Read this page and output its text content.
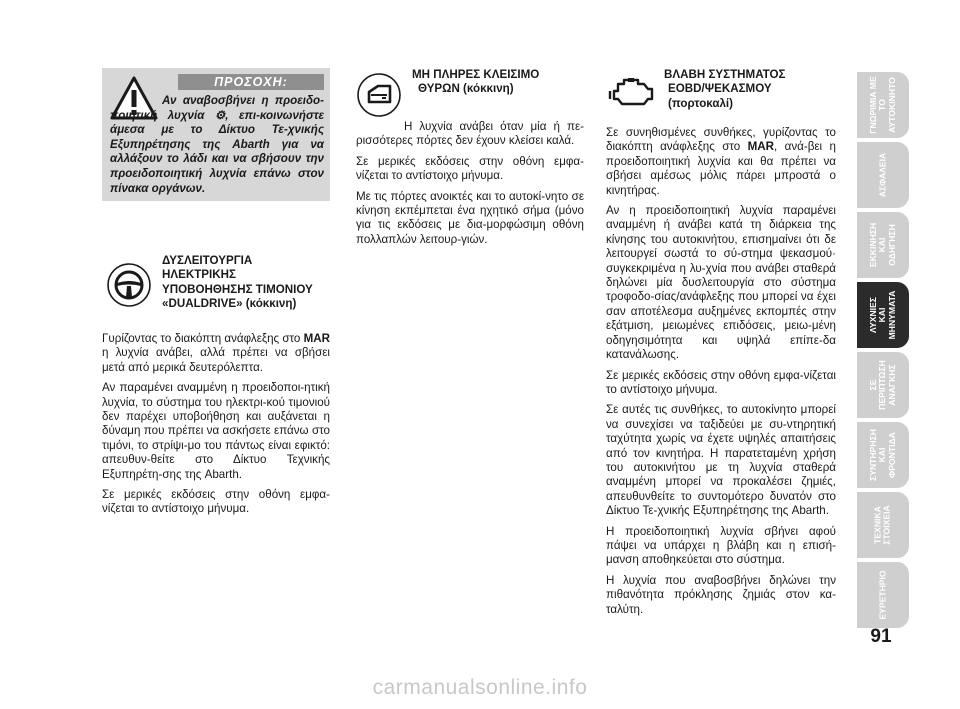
ΠΡΟΣΟΧΗ:
Αν αναβοσβήνει η προειδο-ποιητική λυχνία ⚙, επι-κοινωνήστε άμεσα με το Δίκτυο Τε-χνικής Εξυπηρέτησης της Abarth για να αλλάξουν το λάδι και να σβήσουν την προειδοποιητική λυχνία επάνω στον πίνακα οργάνων.
ΔΥΣΛΕΙΤΟΥΡΓΙΑ
ΗΛΕΚΤΡΙΚΗΣ
ΥΠΟΒΟΗΘΗΣΗΣ ΤΙΜΟΝΙΟΥ
«DUALDRIVE» (κόκκινη)

Γυρίζοντας το διακόπτη ανάφλεξης στο MAR η λυχνία ανάβει, αλλά πρέπει να σβήσει μετά από μερικά δευτερόλεπτα.

Αν παραμένει αναμμένη η προειδοποι-ητική λυχνία, το σύστημα του ηλεκτρι-κού τιμονιού δεν παρέχει υποβοήθηση και αυξάνεται η δύναμη που πρέπει να ασκήσετε επάνω στο τιμόνι, το στρίψι-μο του πάντως είναι εφικτό: απευθυν-θείτε στο Δίκτυο Τεχνικής Εξυπηρέτη-σης της Abarth.

Σε μερικές εκδόσεις στην οθόνη εμφα-νίζεται το αντίστοιχο μήνυμα.

ΜΗ ΠΛΗΡΕΣ ΚΛΕΙΣΙΜΟ
ΘΥΡΩΝ (κόκκινη)

Η λυχνία ανάβει όταν μία ή πε-ρισσότερες πόρτες δεν έχουν κλείσει καλά.

Σε μερικές εκδόσεις στην οθόνη εμφα-νίζεται το αντίστοιχο μήνυμα.

Με τις πόρτες ανοικτές και το αυτοκί-νητο σε κίνηση εκπέμπεται ένα ηχητικό σήμα (μόνο για τις εκδόσεις με δια-μορφώσιμη οθόνη πολλαπλών λειτουρ-γιών.

ΒΛΑΒΗ ΣΥΣΤΗΜΑΤΟΣ
EOBD/ΨΕΚΑΣΜΟΥ
(πορτοκαλί)

Σε συνηθισμένες συνθήκες, γυρίζοντας το διακόπτη ανάφλεξης στο MAR, ανά-βει η προειδοποιητική λυχνία και θα πρέπει να σβήσει αμέσως μόλις πάρει μπροστά ο κινητήρας.

Αν η προειδοποιητική λυχνία παραμένει αναμμένη ή ανάβει κατά τη διάρκεια της κίνησης του αυτοκινήτου, επισημαίνει ότι δε λειτουργεί σωστά το σύ-στημα ψεκασμού· συγκεκριμένα η λυ-χνία που ανάβει σταθερά δηλώνει μία δυσλειτουργία στο σύστημα τροφοδο-σίας/ανάφλεξης που μπορεί να έχει σαν αποτέλεσμα αυξημένες εκπομπές στην εξάτμιση, μειωμένες επιδόσεις, μειω-μένη οδηγησιμότητα και υψηλά επίπε-δα κατανάλωσης.

Σε μερικές εκδόσεις στην οθόνη εμφα-νίζεται το αντίστοιχο μήνυμα.

Σε αυτές τις συνθήκες, το αυτοκίνητο μπορεί να συνεχίσει να ταξιδεύει με συ-ντηρητική ταχύτητα χωρίς να έχετε υψηλές απαιτήσεις από τον κινητήρα. Η παρατεταμένη χρήση του αυτοκινήτου με τη λυχνία σταθερά αναμμένη μπορεί να προκαλέσει ζημιές, απευθυνθείτε το συντομότερο δυνατόν στο Δίκτυο Τε-χνικής Εξυπηρέτησης της Abarth.

Η προειδοποιητική λυχνία σβήνει αφού πάψει να υπάρχει η βλάβη και η επισή-μανση αποθηκεύεται στο σύστημα.

Η λυχνία που αναβοσβήνει δηλώνει την πιθανότητα πρόκλησης ζημιάς στον κα-ταλύτη.

ΓΝΩΡΙΜΙΑ ΜΕ
ΤΟ
ΑΥΤΟΚΙΝΗΤΟ
ΑΣΦΑΛΕΙΑ
ΕΚΚΙΝΗΣΗ
ΚΑΙ
ΟΔΗΓΗΣΗ
ΛΥΧΝΙΕΣ
ΚΑΙ
ΜΗΝΥΜΑΤΑ
ΣΕ
ΠΕΡΙΠΤΩΣΗ
ΑΝΑΓΚΗΣ
ΣΥΝΤΗΡΗΣΗ
ΚΑΙ
ΦΡΟΝΤΙΔΑ
ΤΕΧΝΙΚΑ
ΣΤΟΙΧΕΙΑ
ΕΥΡΕΤΗΡΙΟ
91
carmanualsonline.info
